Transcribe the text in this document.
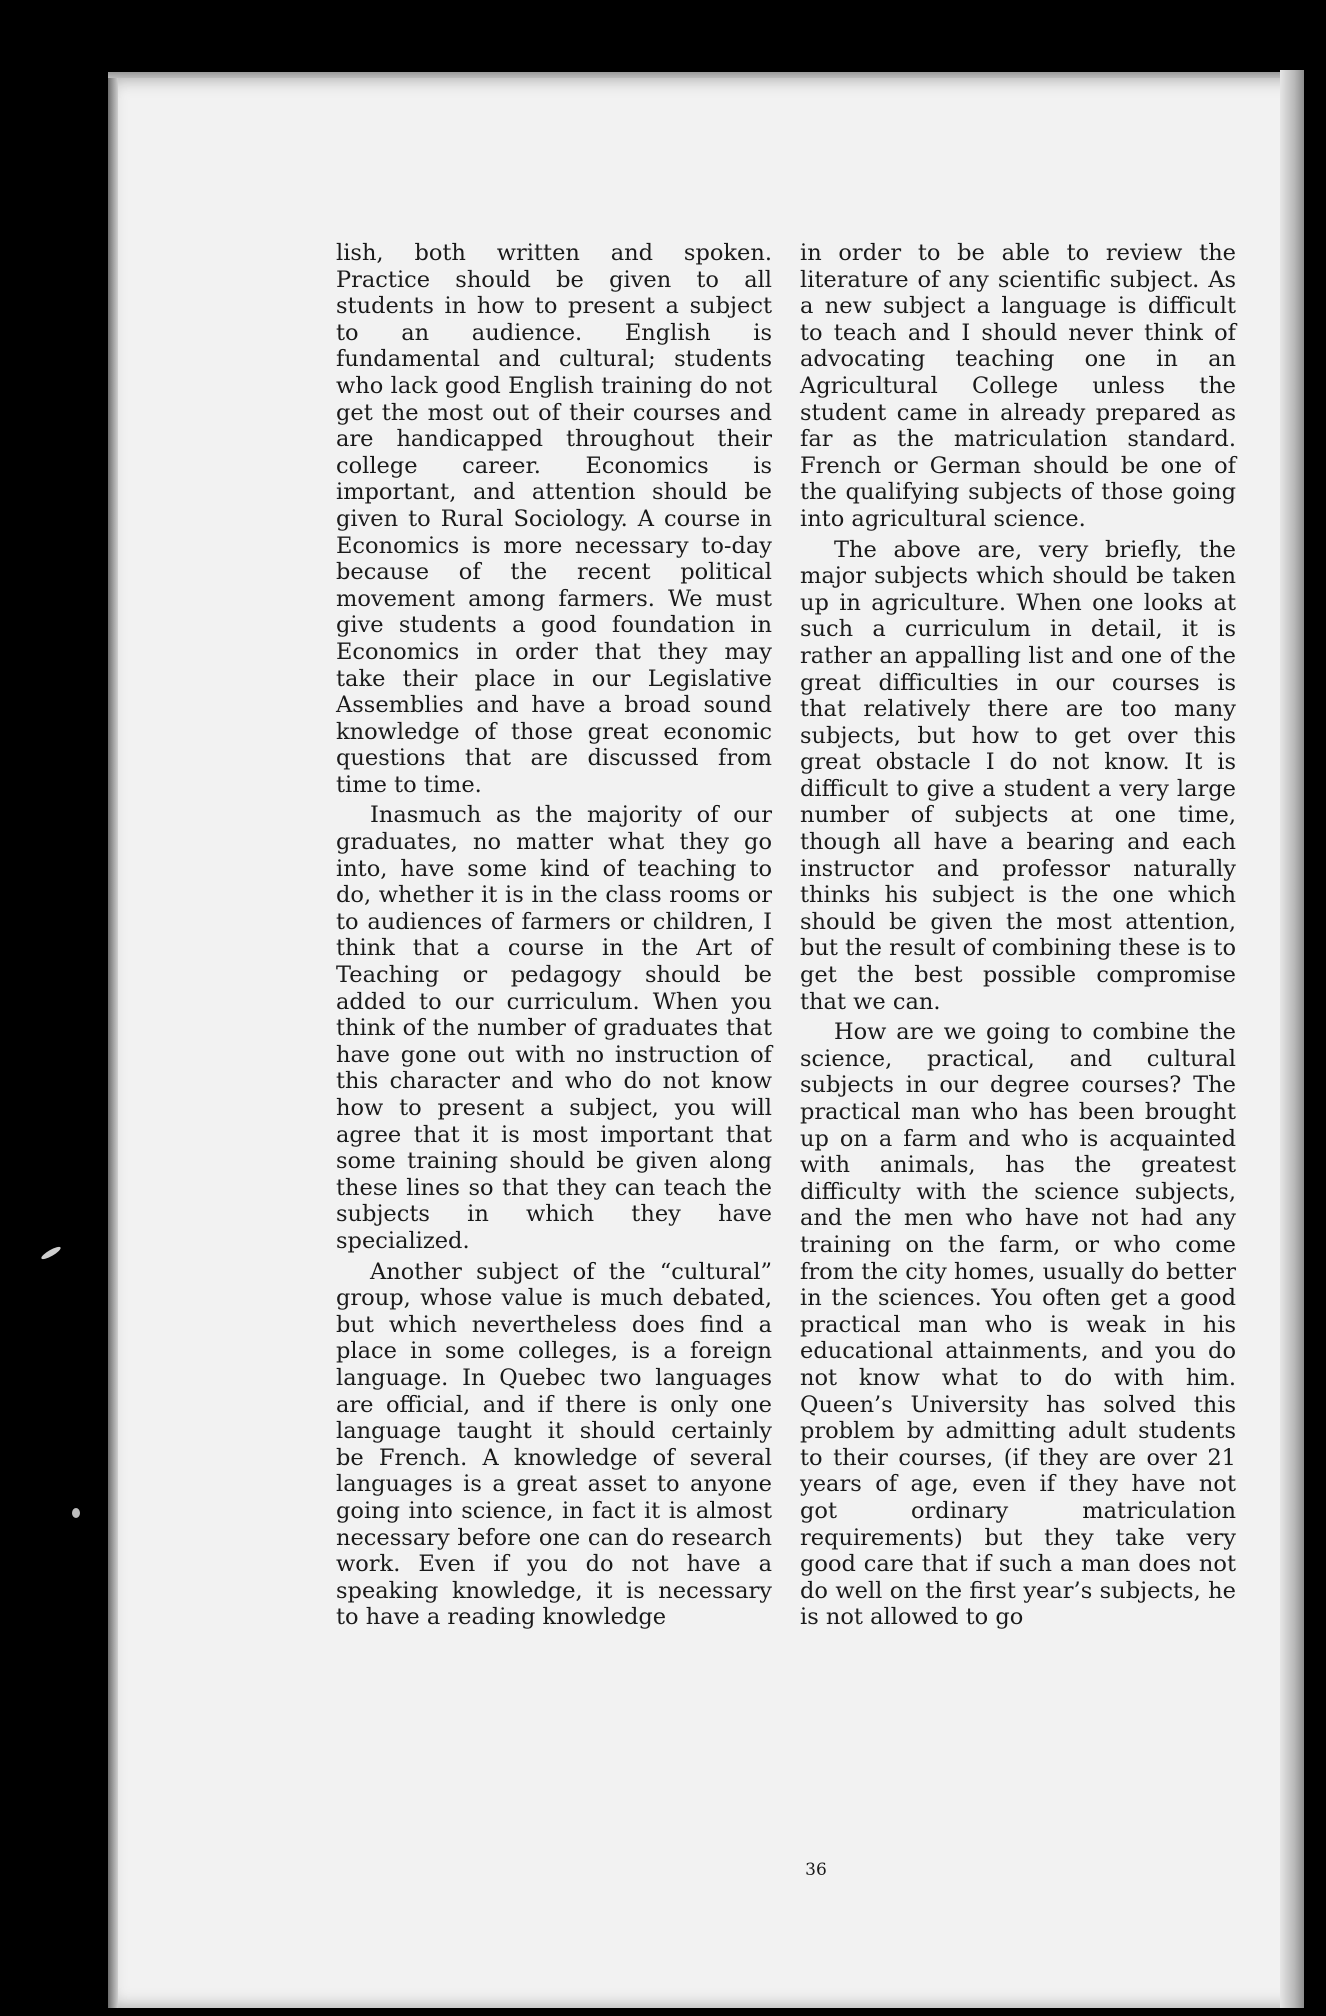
lish, both written and spoken. Practice should be given to all students in how to present a subject to an audience. English is fundamental and cultural; students who lack good English training do not get the most out of their courses and are handicapped throughout their college career. Economics is important, and attention should be given to Rural Sociology. A course in Economics is more necessary to-day because of the recent political movement among farmers. We must give students a good foundation in Economics in order that they may take their place in our Legislative Assemblies and have a broad sound knowledge of those great economic questions that are discussed from time to time.

Inasmuch as the majority of our graduates, no matter what they go into, have some kind of teaching to do, whether it is in the class rooms or to audiences of farmers or children, I think that a course in the Art of Teaching or pedagogy should be added to our curriculum. When you think of the number of graduates that have gone out with no instruction of this character and who do not know how to present a subject, you will agree that it is most important that some training should be given along these lines so that they can teach the subjects in which they have specialized.

Another subject of the “cultural” group, whose value is much debated, but which nevertheless does find a place in some colleges, is a foreign language. In Quebec two languages are official, and if there is only one language taught it should certainly be French. A knowledge of several languages is a great asset to anyone going into science, in fact it is almost necessary before one can do research work. Even if you do not have a speaking knowledge, it is necessary to have a reading knowledge

in order to be able to review the literature of any scientific subject. As a new subject a language is difficult to teach and I should never think of advocating teaching one in an Agricultural College unless the student came in already prepared as far as the matriculation standard. French or German should be one of the qualifying subjects of those going into agricultural science.

The above are, very briefly, the major subjects which should be taken up in agriculture. When one looks at such a curriculum in detail, it is rather an appalling list and one of the great difficulties in our courses is that relatively there are too many subjects, but how to get over this great obstacle I do not know. It is difficult to give a student a very large number of subjects at one time, though all have a bearing and each instructor and professor naturally thinks his subject is the one which should be given the most attention, but the result of combining these is to get the best possible compromise that we can.

How are we going to combine the science, practical, and cultural subjects in our degree courses? The practical man who has been brought up on a farm and who is acquainted with animals, has the greatest difficulty with the science subjects, and the men who have not had any training on the farm, or who come from the city homes, usually do better in the sciences. You often get a good practical man who is weak in his educational attainments, and you do not know what to do with him. Queen’s University has solved this problem by admitting adult students to their courses, (if they are over 21 years of age, even if they have not got ordinary matriculation requirements) but they take very good care that if such a man does not do well on the first year’s subjects, he is not allowed to go

36
